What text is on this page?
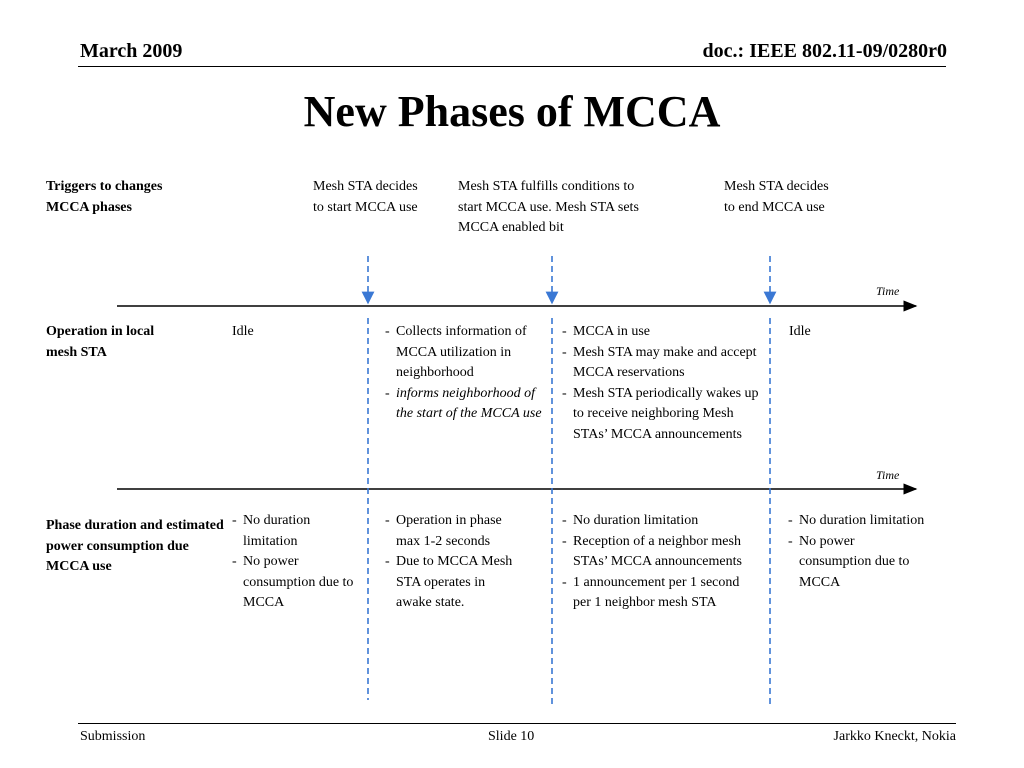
March 2009	doc.: IEEE 802.11-09/0280r0
New Phases of MCCA
Triggers to changes MCCA phases
Operation in local mesh STA
Phase duration and estimated power consumption due MCCA use
Mesh STA decides to start MCCA use
Mesh STA fulfills conditions to start MCCA use. Mesh STA sets MCCA enabled bit
Mesh STA decides to end MCCA use
Time
Time
Idle
-	Collects information of MCCA utilization in neighborhood
- informs neighborhood of the start of the MCCA use
- MCCA in use
- Mesh STA may make and accept MCCA reservations
- Mesh STA periodically wakes up to receive neighboring Mesh STAs’ MCCA announcements
Idle
- No duration limitation
- No power consumption due to MCCA
- Operation in phase max 1-2 seconds
- Due to MCCA Mesh STA operates in awake state.
- No duration limitation
- Reception of a neighbor mesh STAs’ MCCA announcements
- 1 announcement per 1 second per 1 neighbor mesh STA
- No duration limitation
- No power consumption due to MCCA
Submission	Slide 10	Jarkko Kneckt, Nokia
